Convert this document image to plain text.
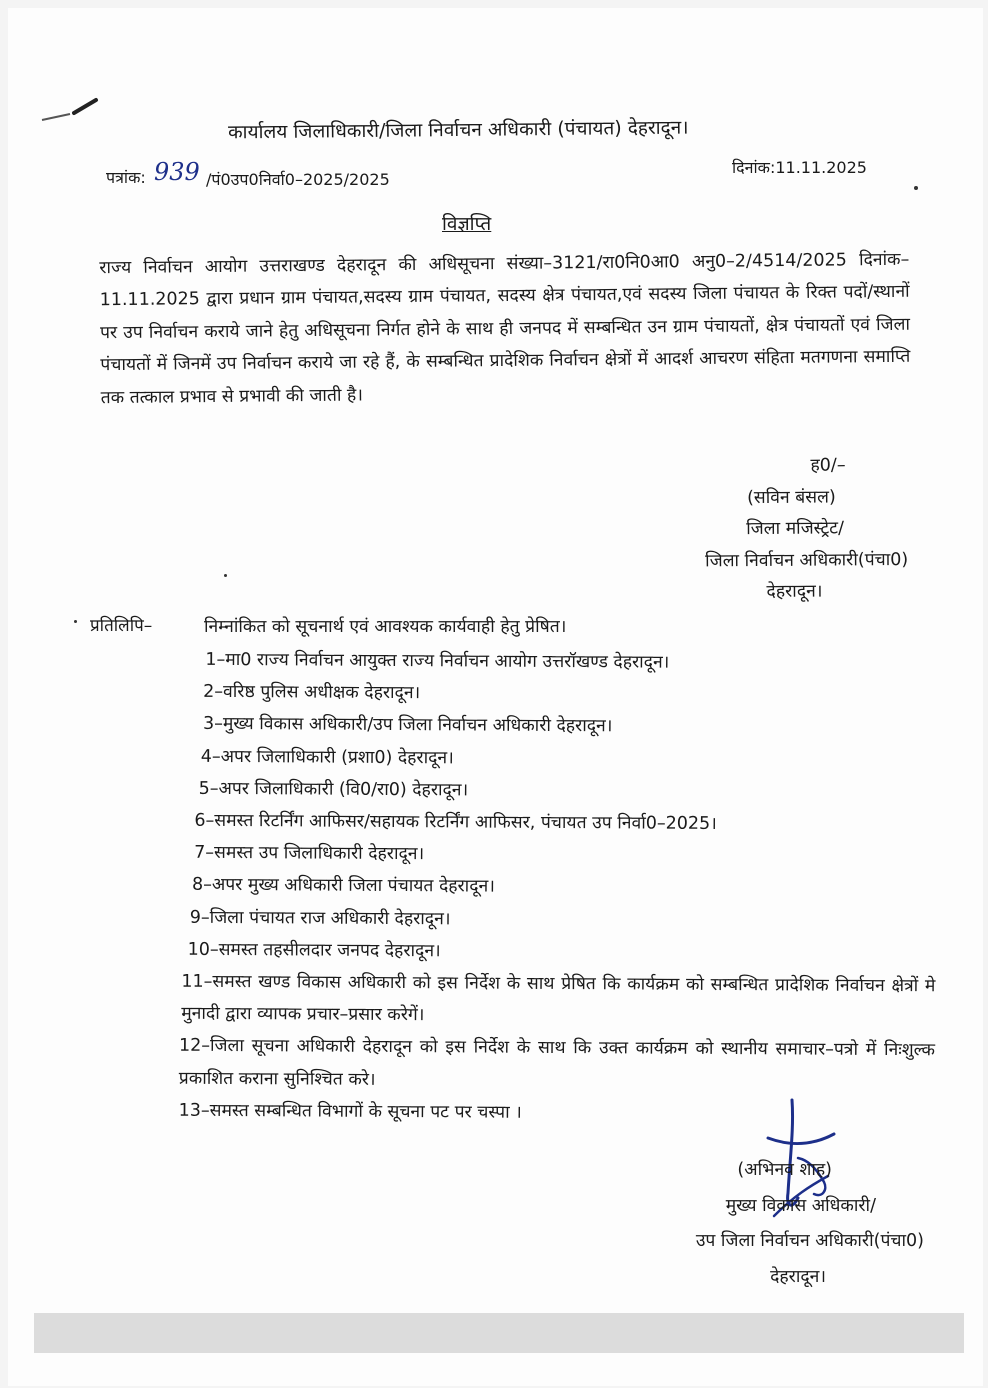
कार्यालय जिलाधिकारी/जिला निर्वाचन अधिकारी (पंचायत) देहरादून।
पत्रांक: 939 /पं0उप0निर्वा0–2025/2025
दिनांक:11.11.2025
विज्ञप्ति
राज्य निर्वाचन आयोग उत्तराखण्ड देहरादून की अधिसूचना संख्या–3121/रा0नि0आ0 अनु0–2/4514/2025 दिनांक–11.11.2025 द्वारा प्रधान ग्राम पंचायत,सदस्य ग्राम पंचायत, सदस्य क्षेत्र पंचायत,एवं सदस्य जिला पंचायत के रिक्त पदों/स्थानों पर उप निर्वाचन कराये जाने हेतु अधिसूचना निर्गत होने के साथ ही जनपद में सम्बन्धित उन ग्राम पंचायतों, क्षेत्र पंचायतों एवं जिला पंचायतों में जिनमें उप निर्वाचन कराये जा रहे हैं, के सम्बन्धित प्रादेशिक निर्वाचन क्षेत्रों में आदर्श आचरण संहिता मतगणना समाप्ति तक तत्काल प्रभाव से प्रभावी की जाती है।
ह0/–
(सविन बंसल)
जिला मजिस्ट्रेट/
जिला निर्वाचन अधिकारी(पंचा0)
देहरादून।
प्रतिलिपि–	निम्नांकित को सूचनार्थ एवं आवश्यक कार्यवाही हेतु प्रेषित।
1–मा0 राज्य निर्वाचन आयुक्त राज्य निर्वाचन आयोग उत्तरॉखण्ड देहरादून।
2–वरिष्ठ पुलिस अधीक्षक देहरादून।
3–मुख्य विकास अधिकारी/उप जिला निर्वाचन अधिकारी देहरादून।
4–अपर जिलाधिकारी (प्रशा0) देहरादून।
5–अपर जिलाधिकारी (वि0/रा0) देहरादून।
6–समस्त रिटर्निंग आफिसर/सहायक रिटर्निंग आफिसर, पंचायत उप निर्वा0–2025।
7–समस्त उप जिलाधिकारी देहरादून।
8–अपर मुख्य अधिकारी जिला पंचायत देहरादून।
9–जिला पंचायत राज अधिकारी देहरादून।
10–समस्त तहसीलदार जनपद देहरादून।
11–समस्त खण्ड विकास अधिकारी को इस निर्देश के साथ प्रेषित कि कार्यक्रम को सम्बन्धित प्रादेशिक निर्वाचन क्षेत्रों मे मुनादी द्वारा व्यापक प्रचार–प्रसार करेगें।
12–जिला सूचना अधिकारी देहरादून को इस निर्देश के साथ कि उक्त कार्यक्रम को स्थानीय समाचार–पत्रो में निःशुल्क प्रकाशित कराना सुनिश्चित करे।
13–समस्त सम्बन्धित विभागों के सूचना पट पर चस्पा ।
(अभिनव शाह)
मुख्य विकास अधिकारी/
उप जिला निर्वाचन अधिकारी(पंचा0)
देहरादून।
